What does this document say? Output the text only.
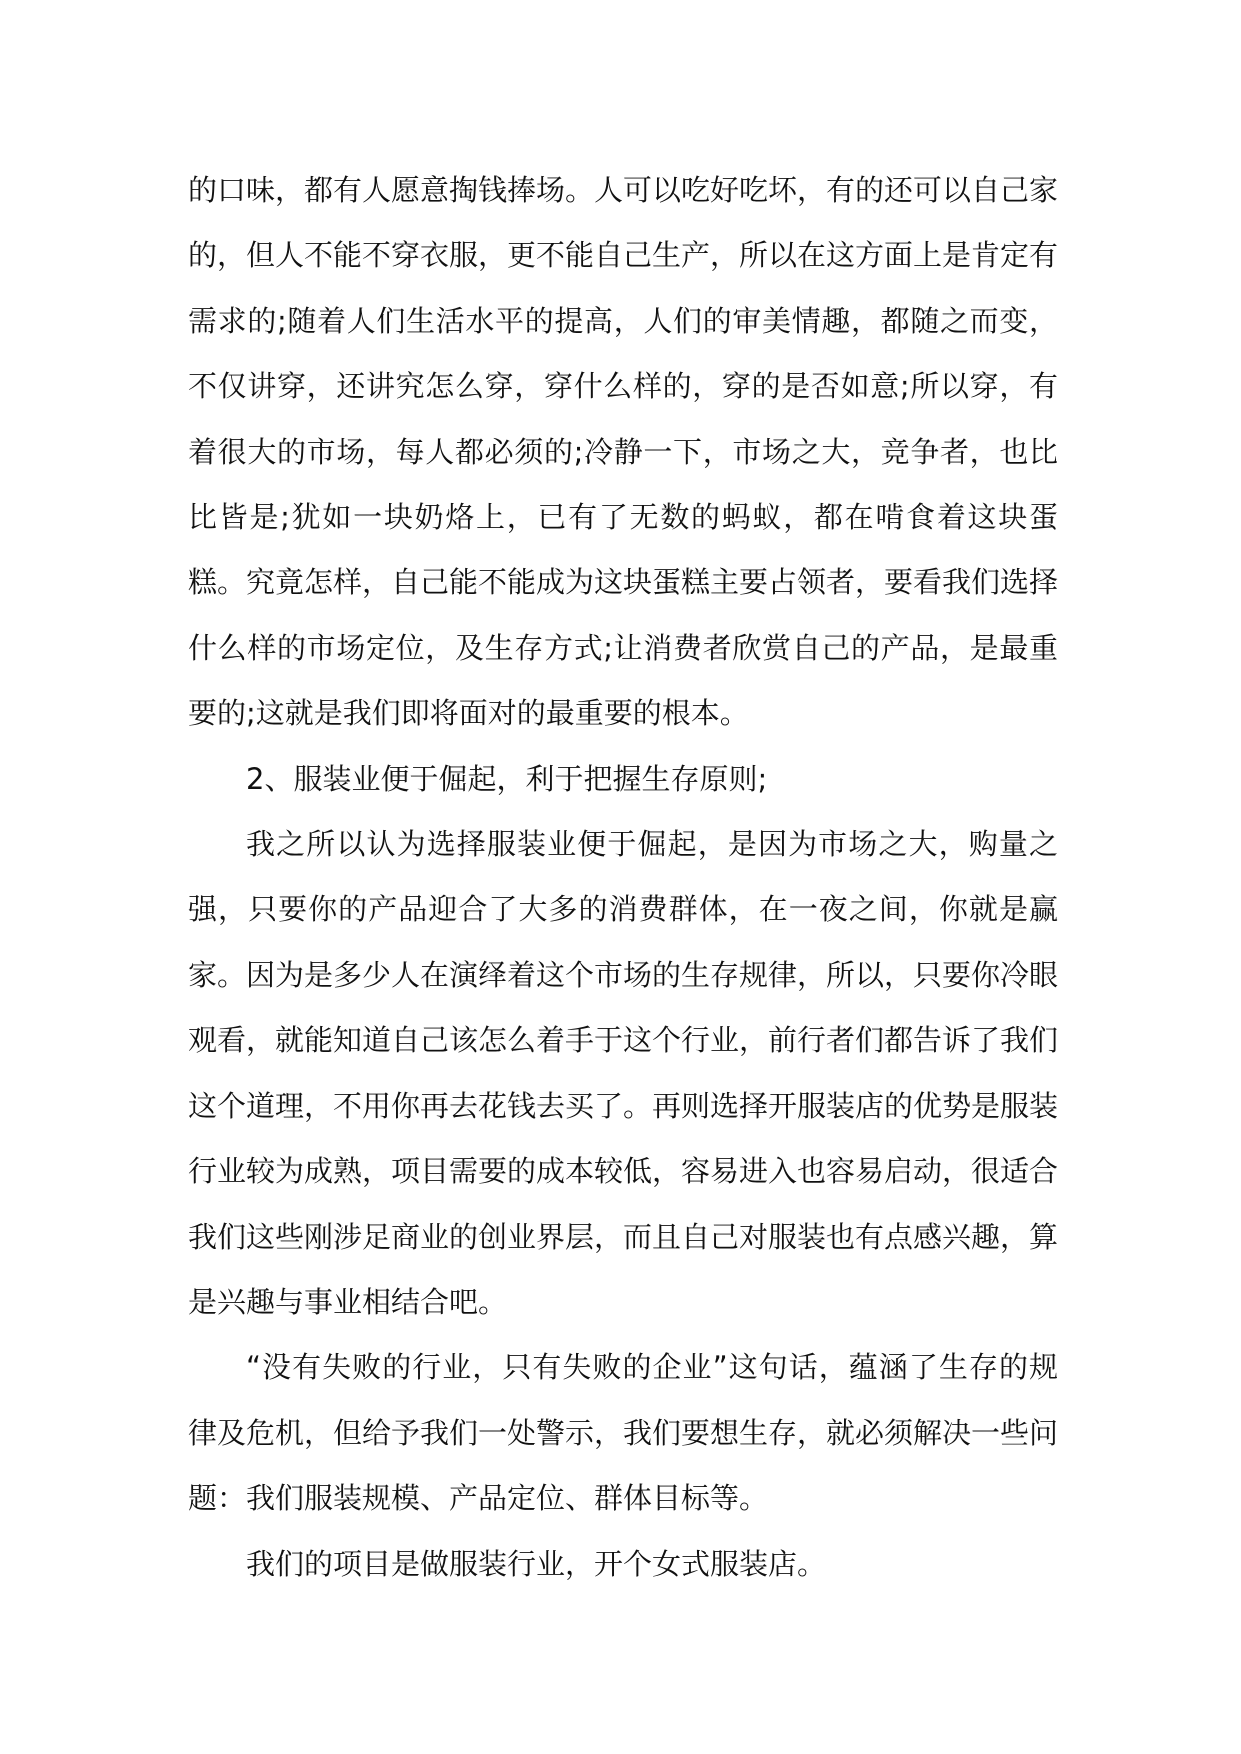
的口味，都有人愿意掏钱捧场。人可以吃好吃坏，有的还可以自己家的，但人不能不穿衣服，更不能自己生产，所以在这方面上是肯定有需求的;随着人们生活水平的提高，人们的审美情趣，都随之而变，不仅讲穿，还讲究怎么穿，穿什么样的，穿的是否如意;所以穿，有着很大的市场，每人都必须的;冷静一下，市场之大，竞争者，也比比皆是;犹如一块奶烙上，已有了无数的蚂蚁，都在啃食着这块蛋糕。究竟怎样，自己能不能成为这块蛋糕主要占领者，要看我们选择什么样的市场定位，及生存方式;让消费者欣赏自己的产品，是最重要的;这就是我们即将面对的最重要的根本。

2、服装业便于倔起，利于把握生存原则;

我之所以认为选择服装业便于倔起，是因为市场之大，购量之强，只要你的产品迎合了大多的消费群体，在一夜之间，你就是赢家。因为是多少人在演绎着这个市场的生存规律，所以，只要你冷眼观看，就能知道自己该怎么着手于这个行业，前行者们都告诉了我们这个道理，不用你再去花钱去买了。再则选择开服装店的优势是服装行业较为成熟，项目需要的成本较低，容易进入也容易启动，很适合我们这些刚涉足商业的创业界层，而且自己对服装也有点感兴趣，算是兴趣与事业相结合吧。

“没有失败的行业，只有失败的企业”这句话，蕴涵了生存的规律及危机，但给予我们一处警示，我们要想生存，就必须解决一些问题：我们服装规模、产品定位、群体目标等。

我们的项目是做服装行业，开个女式服装店。
